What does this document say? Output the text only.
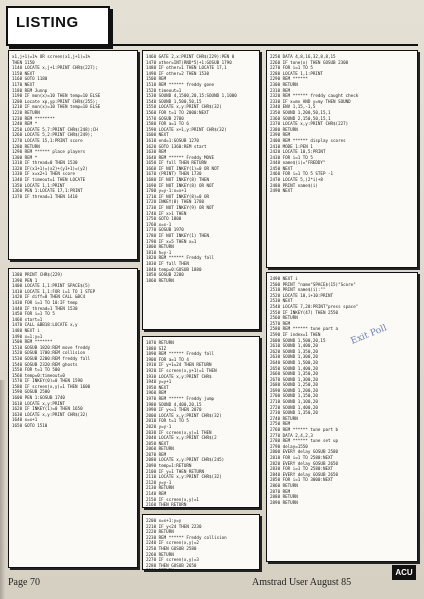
LISTING
x1,j+1)=1% OR screen(x1,j+1)=1%
THEN 1150
1140 LOCATE x,j+1:PRINT CHR$(227);
1150 NEXT
1160 GOTO 1180
1170 NEXT
1180 REM Junnp
1190 IF mon(x)=10 THEN temp=10 ELSE
1200 Locate xp,yp:PRINT CHR$(255);
1210 IF mon(x)=10 THEN temp=10 ELSE
1220 RETURN
1230 REM ********
1240 REM *
1250 LOCATE 5,7:PRINT CHR$(248);CH
1260 LOCATE 5,2:PRINT CHR$(249);
1270 LOCATE 15,1:PRINT score
1280 RETURN
1290 REM ****** place players
1300 REM *
1310 IF thread=0 THEN 1530
1320 IF(x1+1)=(x2)+(y1+1)=(y2)
1330 IF x=x2+1 THEN score
1340 IF timeout=1 THEN LOCATE
1350 LOCATE 1,1:PRINT
1360 PEN 1:LOCATE 17,1:PRINT
1370 IF thread=1 THEN 1410
1380 PRINT CHR$(229)
1390 PEN 1
1400 LOCATE 1,1:PRINT SPACE$(5)
1410 LOCATE 1,1:FOR i=1 TO 1 STEP
1420 IF diff=0 THEN CALL &BC4
1430 FOR i=1 TO 10:IF temp
1440 IF thread=1 THEN 1530
1450 FOR i=1 TO 5
1460 start=1
1470 CALL &BB18:LOCATE x,y
1480 NEXT i
1490 x=1:y=1
1500 REM *******
1510 GOSUB 1820:REM move freddy
1520 GOSUB 1700:REM collision
1530 GOSUB 2200:REM freddy fall
1540 GOSUB 2320:REM ghosts
1550 FOR t=1 TO 500
1560 temp=0:timeout=0
1570 IF INKEY(0)=0 THEN 1590
1580 IF screen(x,y)=1 THEN 1600
1590 GOSUB 2580
1600 PEN 1:GOSUB 1740
1610 LOCATE x,y:PRINT
1620 IF INKEY(1)=0 THEN 1650
1630 LOCATE x,y:PRINT CHR$(32)
1640 x=x+1
1650 GOTO 1510
1460 GATE 2,x:PRINT CHR$(229):PEN 0
1470 other=INT(RND*5)+1:GOSUB 1790
1480 IF other=1 THEN LOCATE 17,1
1490 IF other=2 THEN 1530
1500 REM
1510 REM ****** freddy gone
1520 timeout=1
1530 SOUND 4,1500,20,15:SOUND 1,1000
1540 SOUND 1,500,50,15
1550 LOCATE x,y:PRINT CHR$(32)
1560 FOR t=1 TO 2000:NEXT
1570 GOSUB 2780
1580 FOR a=1 TO 6
1590 LOCATE x+1,y:PRINT CHR$(32)
1600 NEXT
1610 end=1:GOSUB 1270
1620 GOTO 1360:REM start
1630 REM
1640 REM ****** Freddy MOVE
1650 IF fall THEN RETURN
1660 IF NOT INKEY(1)=0 OR NOT
1670 (PRINT) THEN 1730
1680 IF NOT INKEY(8) THEN
1690 IF NOT INKEY(8) OR NOT
1700 y=y-1:x=x+1
1710 IF NOT INKEY(8)=0 OR
1720 INKEY(8) THEN 1780
1730 IF NOT INKEY(9) OR NOT
1740 IF x>1 THEN
1750 GOTO 1800
1760 x=x-1
1770 GOSUB 1970
1780 IF NOT INKEY(1) THEN
1790 IF x=5 THEN x=1
1800 RETURN
1810 h=y-1
1820 REM ****** Freddy fall
1830 IF fall THEN
1840 temp=0:GOSUB 1880
1850 GOSUB 2280
1860 RETURN
1870 RETURN
1880 SIZ
1890 REM ****** Freddy fall
1900 FOR a=1 TO 4
1910 IF y+1=24 THEN RETURN
1920 IF screen(x,y+1)=1 THEN
1930 LOCATE x,y:PRINT CHR$
1940 y=y+1
1950 NEXT
1960 REM
1970 REM ****** Freddy jump
1980 SOUND 4,400,20,15
1990 IF y<=1 THEN 2070
2000 LOCATE x,y:PRINT CHR$(32)
2010 FOR t=1 TO 5
2020 y=y-1
2030 IF screen(x,y)=1 THEN
2040 LOCATE x,y:PRINT CHR$(2
2050 NEXT
2060 RETURN
2070 REM
2080 LOCATE x,y:PRINT CHR$(245)
2090 temp=1:RETURN
2100 IF y=1 THEN RETURN
2110 LOCATE x,y:PRINT CHR$(32)
2120 y=y-1
2130 RETURN
2140 REM
2150 IF screen(x,y)=1
2160 THEN RETURN

2200 x=x+1:y=y
2210 IF y<24 THEN 2230
2220 RETURN
2230 REM ****** Freddy collision
2240 IF screen(x,y)=2
2250 THEN GOSUB 2580
2260 RETURN
2270 IF screen(x,y)=3
2280 THEN GOSUB 2650

2250 DATA 4,8,16,32,8,8,15
2260 IF tone(x) THEN GOSUB 2300
2270 FOR i=1 TO 5
2280 LOCATE 1,1:PRINT
2290 REM ******
2300 RETURN
2310 REM
2320 REM ****** freddy caught check
2330 IF x=mx AND y=my THEN SOUND
2340 ENV 1,15,-1,5
2350 SOUND 1,200,50,15,1
2360 SOUND 2,150,50,15,1
2370 LOCATE x,y:PRINT CHR$(227)
2380 RETURN
2390 REM
2400 REM ****** display scores
2410 MODE 1:PEN 1
2420 LOCATE 10,5:PRINT
2430 FOR i=1 TO 5
2440 name$(i)="FREDDY"
2450 NEXT
2460 FOR i=1 TO 5 STEP -1
2470 LOCATE 5,(2*i)+8
2480 PRINT name$(i)
2490 NEXT
2490 NEXT i
2500 PRINT "name"SPACE$(15)"Score"
2510 PRINT name$(i):""
2520 LOCATE 10,i+10:PRINT
2530 NEXT
2540 LOCATE 7,20:PRINT"press space"
2550 IF INKEY(47) THEN 2550
2560 RETURN
2570 REM
2580 REM ****** tune part a
2590 IF index=1 THEN
2600 SOUND 1,500,20,15
2610 SOUND 1,400,20
2620 SOUND 1,350,20
2630 SOUND 1,300,20
2640 SOUND 1,500,20
2650 SOUND 1,400,20
2660 SOUND 1,350,20
2670 SOUND 1,300,20
2680 SOUND 1,250,20
2690 SOUND 1,200,20
2700 SOUND 1,150,20
2710 SOUND 1,100,20
2720 SOUND 1,400,20
2730 SOUND 1,350,20
2740 RETURN
2750 REM
2760 REM ****** tune part b
2770 DATA 2,4,2,3
2780 REM ****** tune set up
2790 delay=1550
2800 EVERY delay GOSUB 2580
2810 FOR i=1 TO 2580:NEXT
2820 EVERY delay GOSUB 2650
2830 FOR i=1 TO 2580:NEXT
2840 EVERY delay GOSUB 2650
2850 FOR i=1 TO 3000:NEXT
2860 RETURN
2870 REM
2880 RETURN
2890 RETURN
Exit Poll
Page 70	Amstrad User August 85
ACU
